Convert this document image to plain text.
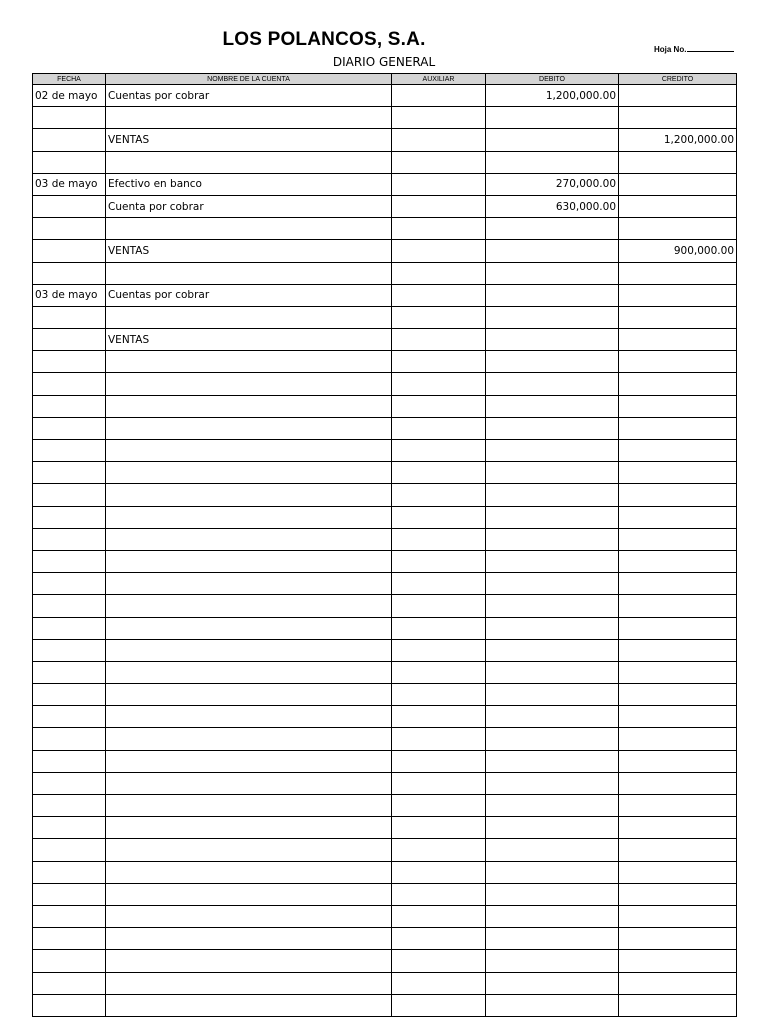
LOS POLANCOS, S.A.	Hoja No.
DIARIO GENERAL
FECHA	NOMBRE DE LA CUENTA	AUXILIAR	DEBITO	CREDITO
02 de mayo	Cuentas por cobrar		1,200,000.00	

	VENTAS			1,200,000.00

03 de mayo	Efectivo en banco		270,000.00	
	Cuenta por cobrar		630,000.00	

	VENTAS			900,000.00

03 de mayo	Cuentas por cobrar			

	VENTAS			
